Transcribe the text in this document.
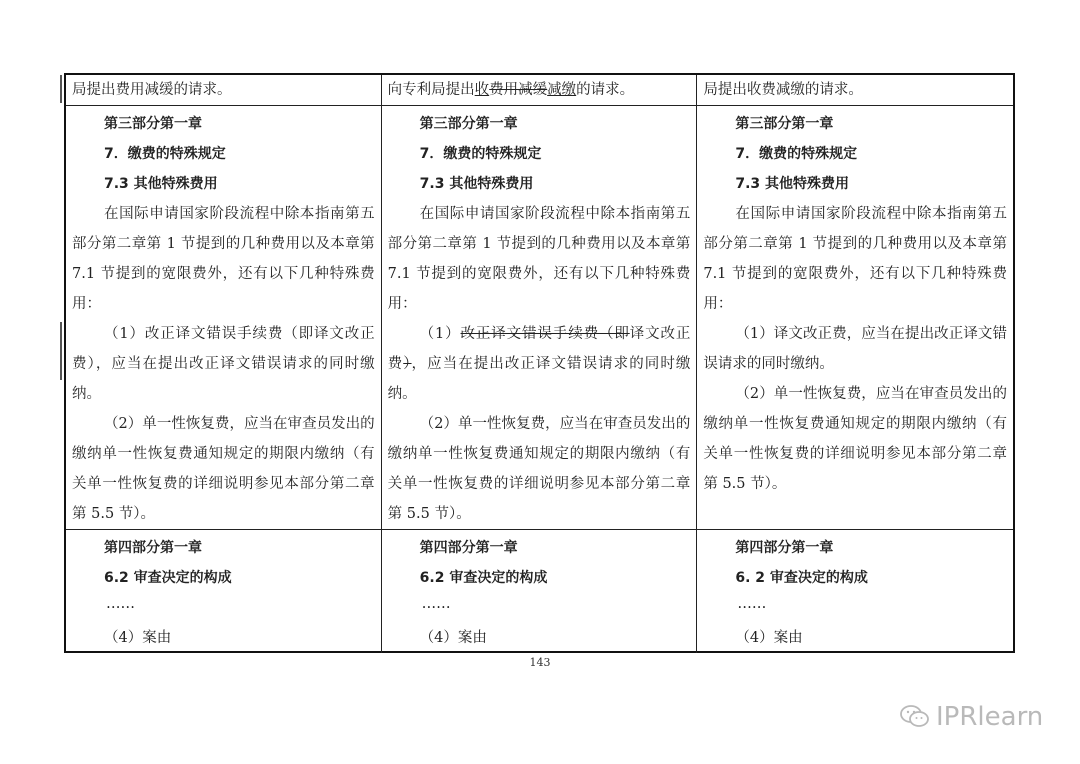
局提出费用减缓的请求。	向专利局提出收费用减缓减缴的请求。	局提出收费减缴的请求。
第三部分第一章
7．缴费的特殊规定
7.3 其他特殊费用
在国际申请国家阶段流程中除本指南第五部分第二章第 1 节提到的几种费用以及本章第 7.1 节提到的宽限费外，还有以下几种特殊费用：
（1）改正译文错误手续费（即译文改正费），应当在提出改正译文错误请求的同时缴纳。
（2）单一性恢复费，应当在审查员发出的缴纳单一性恢复费通知规定的期限内缴纳（有关单一性恢复费的详细说明参见本部分第二章第 5.5 节）。
第三部分第一章
7．缴费的特殊规定
7.3 其他特殊费用
在国际申请国家阶段流程中除本指南第五部分第二章第 1 节提到的几种费用以及本章第 7.1 节提到的宽限费外，还有以下几种特殊费用：
（1）改正译文错误手续费（即译文改正费），应当在提出改正译文错误请求的同时缴纳。
（2）单一性恢复费，应当在审查员发出的缴纳单一性恢复费通知规定的期限内缴纳（有关单一性恢复费的详细说明参见本部分第二章第 5.5 节）。
第三部分第一章
7．缴费的特殊规定
7.3 其他特殊费用
在国际申请国家阶段流程中除本指南第五部分第二章第 1 节提到的几种费用以及本章第 7.1 节提到的宽限费外，还有以下几种特殊费用：
（1）译文改正费，应当在提出改正译文错误请求的同时缴纳。
（2）单一性恢复费，应当在审查员发出的缴纳单一性恢复费通知规定的期限内缴纳（有关单一性恢复费的详细说明参见本部分第二章第 5.5 节）。
第四部分第一章
6.2 审查决定的构成
……
（4）案由
第四部分第一章
6.2 审查决定的构成
……
（4）案由
第四部分第一章
6. 2 审查决定的构成
……
（4）案由
143
IPRlearn
